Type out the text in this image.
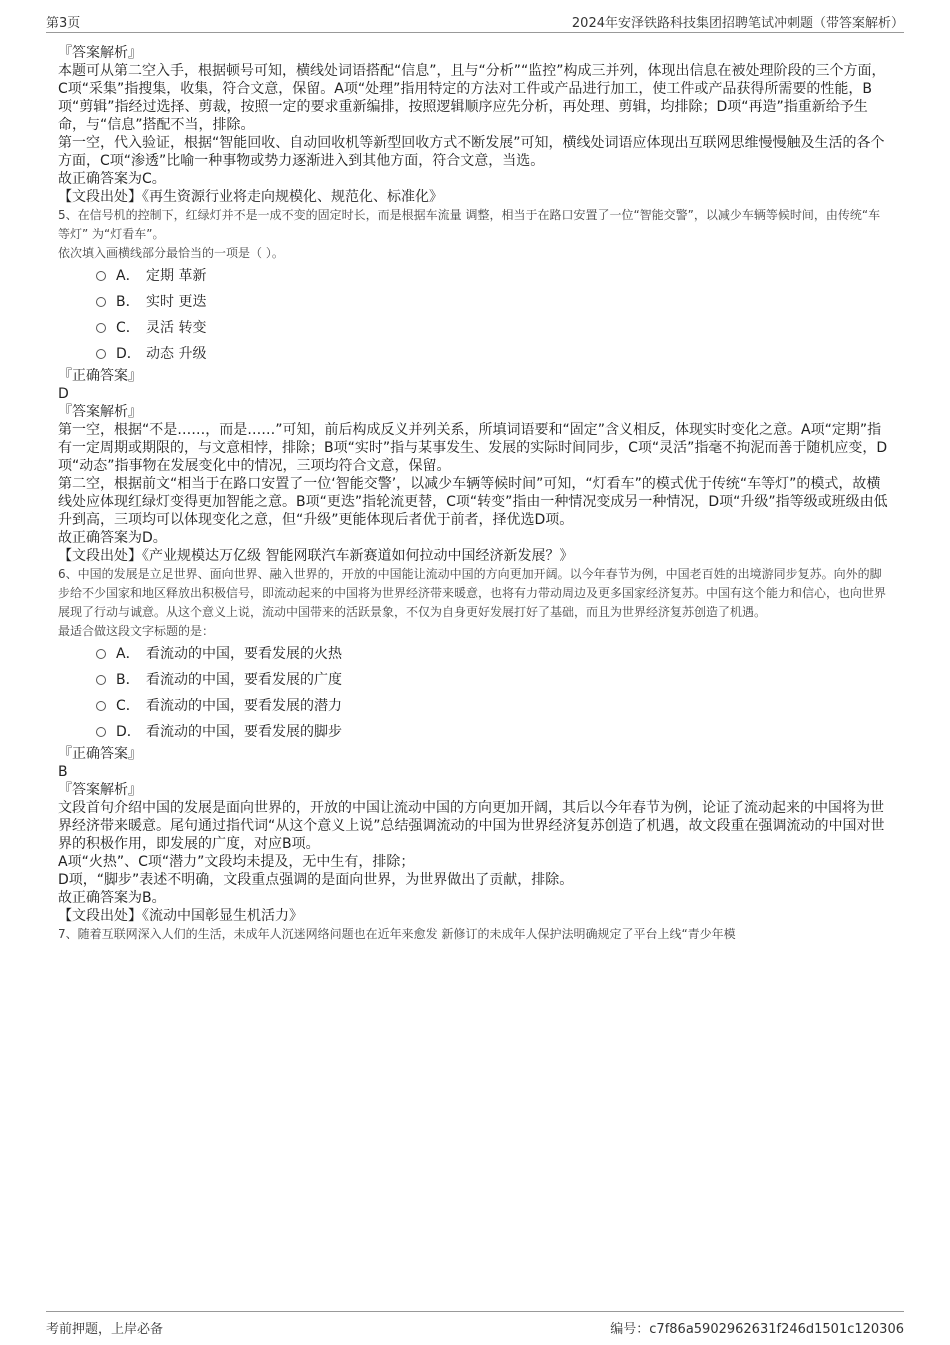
第3页	2024年安泽铁路科技集团招聘笔试冲刺题（带答案解析）

『答案解析』

本题可从第二空入手，根据顿号可知，横线处词语搭配“信息”，且与“分析”“监控”构成三并列，体现出信息在被处理阶段的三个方面，C项“采集”指搜集，收集，符合文意，保留。A项“处理”指用特定的方法对工件或产品进行加工，使工件或产品获得所需要的性能，B项“剪辑”指经过选择、剪裁，按照一定的要求重新编排，按照逻辑顺序应先分析，再处理、剪辑，均排除；D项“再造”指重新给予生命，与“信息”搭配不当，排除。

第一空，代入验证，根据“智能回收、自动回收机等新型回收方式不断发展”可知，横线处词语应体现出互联网思维慢慢触及生活的各个方面，C项“渗透”比喻一种事物或势力逐渐进入到其他方面，符合文意，当选。

故正确答案为C。

【文段出处】《再生资源行业将走向规模化、规范化、标准化》

5、在信号机的控制下，红绿灯并不是一成不变的固定时长，而是根据车流量 调整，相当于在路口安置了一位“智能交警”，以减少车辆等候时间，由传统“车等灯” 为“灯看车”。

依次填入画横线部分最恰当的一项是（ ）。

A． 定期 革新
B． 实时 更迭
C． 灵活 转变
D． 动态 升级

『正确答案』

D

『答案解析』

第一空，根据“不是……，而是……”可知，前后构成反义并列关系，所填词语要和“固定”含义相反，体现实时变化之意。A项“定期”指有一定周期或期限的，与文意相悖，排除；B项“实时”指与某事发生、发展的实际时间同步，C项“灵活”指毫不拘泥而善于随机应变，D项“动态”指事物在发展变化中的情况，三项均符合文意，保留。

第二空，根据前文“相当于在路口安置了一位‘智能交警’，以减少车辆等候时间”可知，“灯看车”的模式优于传统“车等灯”的模式，故横线处应体现红绿灯变得更加智能之意。B项“更迭”指轮流更替，C项“转变”指由一种情况变成另一种情况，D项“升级”指等级或班级由低升到高，三项均可以体现变化之意，但“升级”更能体现后者优于前者，择优选D项。

故正确答案为D。

【文段出处】《产业规模达万亿级 智能网联汽车新赛道如何拉动中国经济新发展？》

6、中国的发展是立足世界、面向世界、融入世界的，开放的中国能让流动中国的方向更加开阔。以今年春节为例，中国老百姓的出境游同步复苏。向外的脚步给不少国家和地区释放出积极信号，即流动起来的中国将为世界经济带来暖意，也将有力带动周边及更多国家经济复苏。中国有这个能力和信心，也向世界展现了行动与诚意。从这个意义上说，流动中国带来的活跃景象，不仅为自身更好发展打好了基础，而且为世界经济复苏创造了机遇。

最适合做这段文字标题的是：

A． 看流动的中国，要看发展的火热
B． 看流动的中国，要看发展的广度
C． 看流动的中国，要看发展的潜力
D． 看流动的中国，要看发展的脚步

『正确答案』

B

『答案解析』

文段首句介绍中国的发展是面向世界的，开放的中国让流动中国的方向更加开阔，其后以今年春节为例，论证了流动起来的中国将为世界经济带来暖意。尾句通过指代词“从这个意义上说”总结强调流动的中国为世界经济复苏创造了机遇，故文段重在强调流动的中国对世界的积极作用，即发展的广度，对应B项。

A项“火热”、C项“潜力”文段均未提及，无中生有，排除；

D项，“脚步”表述不明确，文段重点强调的是面向世界，为世界做出了贡献，排除。

故正确答案为B。

【文段出处】《流动中国彰显生机活力》

7、随着互联网深入人们的生活，未成年人沉迷网络问题也在近年来愈发 新修订的未成年人保护法明确规定了平台上线“青少年模

考前押题，上岸必备	编号：c7f86a5902962631f246d1501c120306
